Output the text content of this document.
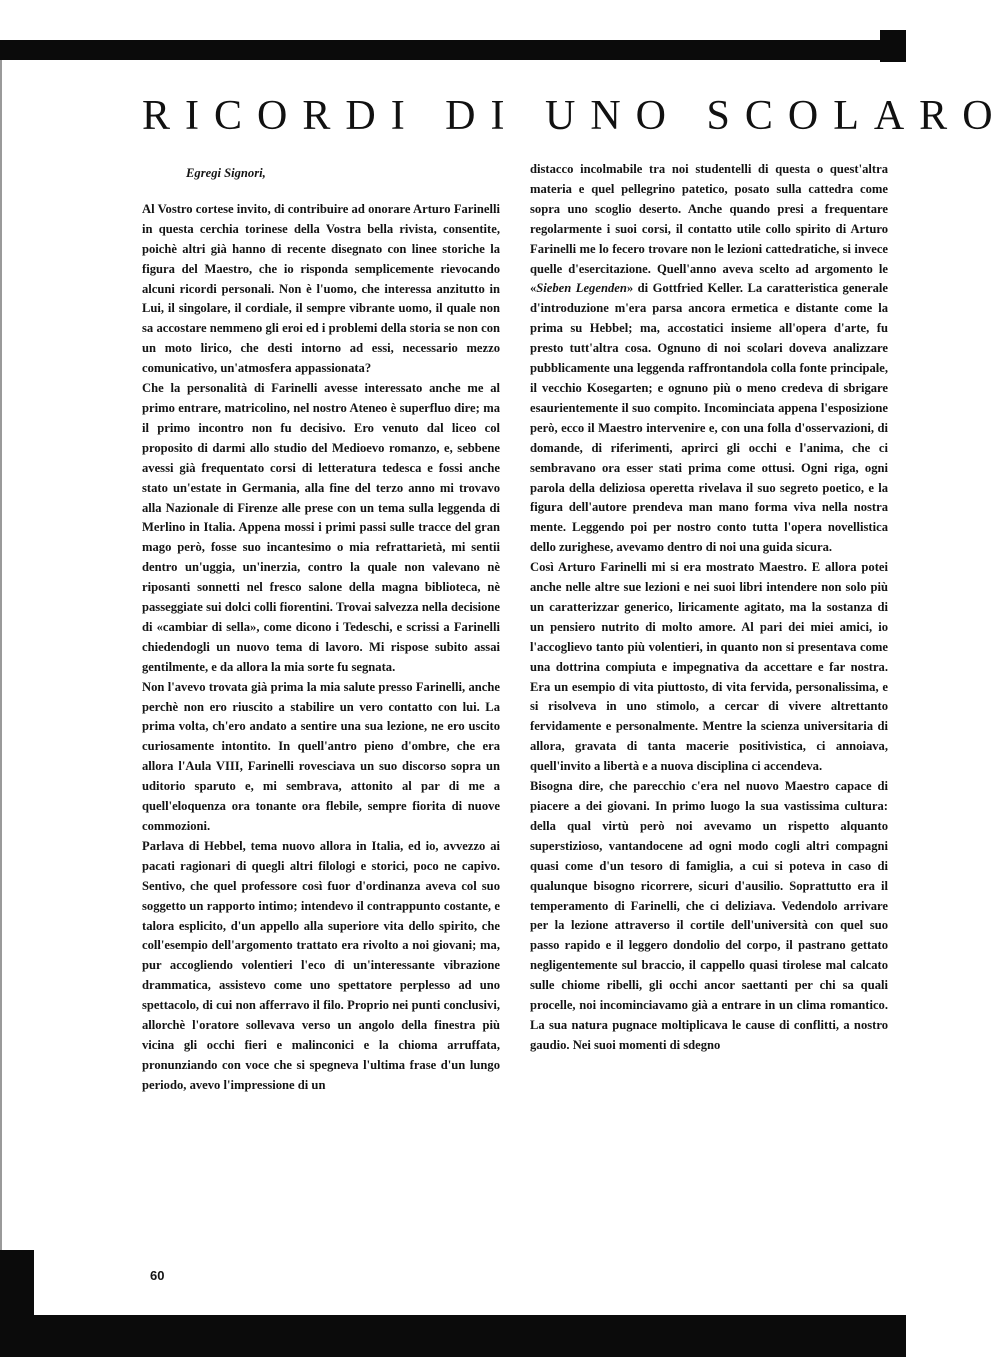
RICORDI DI UNO SCOLARO

Egregi Signori,

Al Vostro cortese invito, di contribuire ad onorare Arturo Farinelli in questa cerchia torinese della Vostra bella rivista, consentite, poichè altri già hanno di recente disegnato con linee storiche la figura del Maestro, che io risponda semplicemente rievocando alcuni ricordi personali. Non è l'uomo, che interessa anzitutto in Lui, il singolare, il cordiale, il sempre vibrante uomo, il quale non sa accostare nemmeno gli eroi ed i problemi della storia se non con un moto lirico, che desti intorno ad essi, necessario mezzo comunicativo, un'atmosfera appassionata?

Che la personalità di Farinelli avesse interessato anche me al primo entrare, matricolino, nel nostro Ateneo è superfluo dire; ma il primo incontro non fu decisivo. Ero venuto dal liceo col proposito di darmi allo studio del Medioevo romanzo, e, sebbene avessi già frequentato corsi di letteratura tedesca e fossi anche stato un'estate in Germania, alla fine del terzo anno mi trovavo alla Nazionale di Firenze alle prese con un tema sulla leggenda di Merlino in Italia. Appena mossi i primi passi sulle tracce del gran mago però, fosse suo incantesimo o mia refrattarietà, mi sentii dentro un'uggia, un'inerzia, contro la quale non valevano nè riposanti sonnetti nel fresco salone della magna biblioteca, nè passeggiate sui dolci colli fiorentini. Trovai salvezza nella decisione di «cambiar di sella», come dicono i Tedeschi, e scrissi a Farinelli chiedendogli un nuovo tema di lavoro. Mi rispose subito assai gentilmente, e da allora la mia sorte fu segnata.

Non l'avevo trovata già prima la mia salute presso Farinelli, anche perchè non ero riuscito a stabilire un vero contatto con lui. La prima volta, ch'ero andato a sentire una sua lezione, ne ero uscito curiosamente intontito. In quell'antro pieno d'ombre, che era allora l'Aula VIII, Farinelli rovesciava un suo discorso sopra un uditorio sparuto e, mi sembrava, attonito al par di me a quell'eloquenza ora tonante ora flebile, sempre fiorita di nuove commozioni.

Parlava di Hebbel, tema nuovo allora in Italia, ed io, avvezzo ai pacati ragionari di quegli altri filologi e storici, poco ne capivo. Sentivo, che quel professore così fuor d'ordinanza aveva col suo soggetto un rapporto intimo; intendevo il contrappunto costante, e talora esplicito, d'un appello alla superiore vita dello spirito, che coll'esempio dell'argomento trattato era rivolto a noi giovani; ma, pur accogliendo volentieri l'eco di un'interessante vibrazione drammatica, assistevo come uno spettatore perplesso ad uno spettacolo, di cui non afferravo il filo. Proprio nei punti conclusivi, allorchè l'oratore sollevava verso un angolo della finestra più vicina gli occhi fieri e malinconici e la chioma arruffata, pronunziando con voce che si spegneva l'ultima frase d'un lungo periodo, avevo l'impressione di un

distacco incolmabile tra noi studentelli di questa o quest'altra materia e quel pellegrino patetico, posato sulla cattedra come sopra uno scoglio deserto. Anche quando presi a frequentare regolarmente i suoi corsi, il contatto utile collo spirito di Arturo Farinelli me lo fecero trovare non le lezioni cattedratiche, si invece quelle d'esercitazione. Quell'anno aveva scelto ad argomento le «Sieben Legenden» di Gottfried Keller. La caratteristica generale d'introduzione m'era parsa ancora ermetica e distante come la prima su Hebbel; ma, accostatici insieme all'opera d'arte, fu presto tutt'altra cosa. Ognuno di noi scolari doveva analizzare pubblicamente una leggenda raffrontandola colla fonte principale, il vecchio Kosegarten; e ognuno più o meno credeva di sbrigare esaurientemente il suo compito. Incominciata appena l'esposizione però, ecco il Maestro intervenire e, con una folla d'osservazioni, di domande, di riferimenti, aprirci gli occhi e l'anima, che ci sembravano ora esser stati prima come ottusi. Ogni riga, ogni parola della deliziosa operetta rivelava il suo segreto poetico, e la figura dell'autore prendeva man mano forma viva nella nostra mente. Leggendo poi per nostro conto tutta l'opera novellistica dello zurighese, avevamo dentro di noi una guida sicura.

Così Arturo Farinelli mi si era mostrato Maestro. E allora potei anche nelle altre sue lezioni e nei suoi libri intendere non solo più un caratterizzar generico, liricamente agitato, ma la sostanza di un pensiero nutrito di molto amore. Al pari dei miei amici, io l'accoglievo tanto più volentieri, in quanto non si presentava come una dottrina compiuta e impegnativa da accettare e far nostra. Era un esempio di vita piuttosto, di vita fervida, personalissima, e si risolveva in uno stimolo, a cercar di vivere altrettanto fervidamente e personalmente. Mentre la scienza universitaria di allora, gravata di tanta macerie positivistica, ci annoiava, quell'invito a libertà e a nuova disciplina ci accendeva.

Bisogna dire, che parecchio c'era nel nuovo Maestro capace di piacere a dei giovani. In primo luogo la sua vastissima cultura: della qual virtù però noi avevamo un rispetto alquanto superstizioso, vantandocene ad ogni modo cogli altri compagni quasi come d'un tesoro di famiglia, a cui si poteva in caso di qualunque bisogno ricorrere, sicuri d'ausilio. Soprattutto era il temperamento di Farinelli, che ci deliziava. Vedendolo arrivare per la lezione attraverso il cortile dell'università con quel suo passo rapido e il leggero dondolio del corpo, il pastrano gettato negligentemente sul braccio, il cappello quasi tirolese mal calcato sulle chiome ribelli, gli occhi ancor saettanti per chi sa quali procelle, noi incominciavamo già a entrare in un clima romantico. La sua natura pugnace moltiplicava le cause di conflitti, a nostro gaudio. Nei suoi momenti di sdegno

60
